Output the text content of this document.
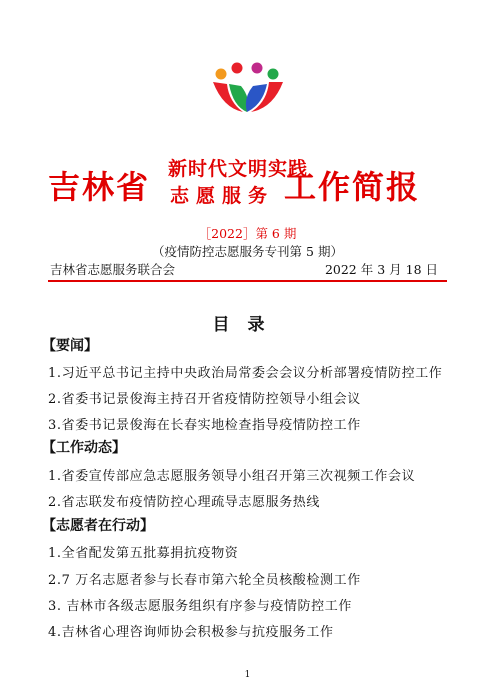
吉林省 新时代文明实践
志愿服务 工作简报
［2022］第 6 期
（疫情防控志愿服务专刊第 5 期）
吉林省志愿服务联合会	2022 年 3 月 18 日
目录
【要闻】
1.习近平总书记主持中央政治局常委会会议分析部署疫情防控工作
2.省委书记景俊海主持召开省疫情防控领导小组会议
3.省委书记景俊海在长春实地检查指导疫情防控工作
【工作动态】
1.省委宣传部应急志愿服务领导小组召开第三次视频工作会议
2.省志联发布疫情防控心理疏导志愿服务热线
【志愿者在行动】
1.全省配发第五批募捐抗疫物资
2.7 万名志愿者参与长春市第六轮全员核酸检测工作
3. 吉林市各级志愿服务组织有序参与疫情防控工作
4.吉林省心理咨询师协会积极参与抗疫服务工作
1
